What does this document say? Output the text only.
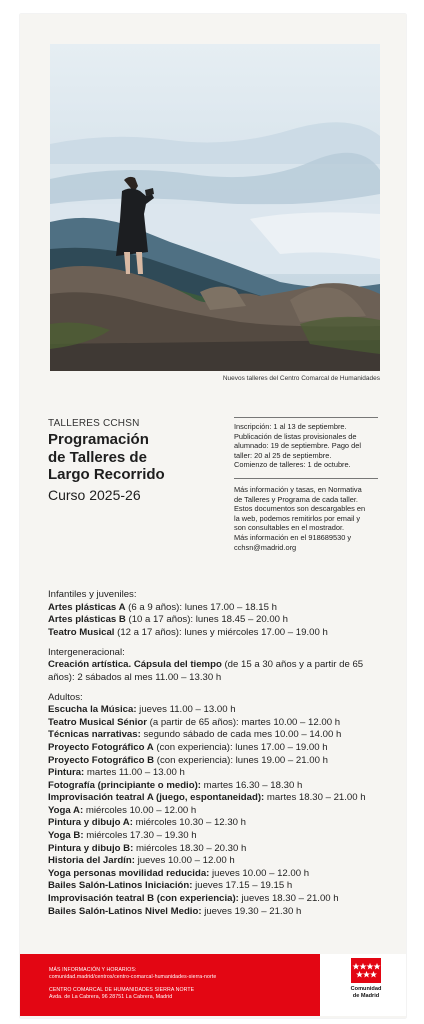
Nuevos talleres del Centro Comarcal de Humanidades
TALLERES CCHSN
Programación
de Talleres de
Largo Recorrido
Curso 2025-26
Inscripción: 1 al 13 de septiembre.
Publicación de listas provisionales de
alumnado: 19 de septiembre. Pago del
taller: 20 al 25 de septiembre.
Comienzo de talleres: 1 de octubre.
Más información y tasas, en Normativa
de Talleres y Programa de cada taller.
Estos documentos son descargables en
la web, podemos remitirlos por email y
son consultables en el mostrador.
Más información en el 918689530 y
cchsn@madrid.org
Infantiles y juveniles:
Artes plásticas A (6 a 9 años): lunes 17.00 – 18.15 h
Artes plásticas B (10 a 17 años): lunes 18.45 – 20.00 h
Teatro Musical (12 a 17 años): lunes y miércoles 17.00 – 19.00 h
Intergeneracional:
Creación artística. Cápsula del tiempo (de 15 a 30 años y a partir de 65 años): 2 sábados al mes 11.00 – 13.30 h
Adultos:
Escucha la Música: jueves 11.00 – 13.00 h
Teatro Musical Sénior (a partir de 65 años): martes 10.00 – 12.00 h
Técnicas narrativas: segundo sábado de cada mes 10.00 – 14.00 h
Proyecto Fotográfico A (con experiencia): lunes 17.00 – 19.00 h
Proyecto Fotográfico B (con experiencia): lunes 19.00 – 21.00 h
Pintura: martes 11.00 – 13.00 h
Fotografía (principiante o medio): martes 16.30 – 18.30 h
Improvisación teatral A (juego, espontaneidad): martes 18.30 – 21.00 h
Yoga A: miércoles 10.00 – 12.00 h
Pintura y dibujo A: miércoles 10.30 – 12.30 h
Yoga B: miércoles 17.30 – 19.30 h
Pintura y dibujo B: miércoles 18.30 – 20.30 h
Historia del Jardín: jueves 10.00 – 12.00 h
Yoga personas movilidad reducida: jueves 10.00 – 12.00 h
Bailes Salón-Latinos Iniciación: jueves 17.15 – 19.15 h
Improvisación teatral B (con experiencia): jueves 18.30 – 21.00 h
Bailes Salón-Latinos Nivel Medio: jueves 19.30 – 21.30 h
MÁS INFORMACIÓN Y HORARIOS:
comunidad.madrid/centros/centro-comarcal-humanidades-sierra-norte
CENTRO COMARCAL DE HUMANIDADES SIERRA NORTE
Avda. de La Cabrera, 96 28751 La Cabrera, Madrid
Comunidad
de Madrid
